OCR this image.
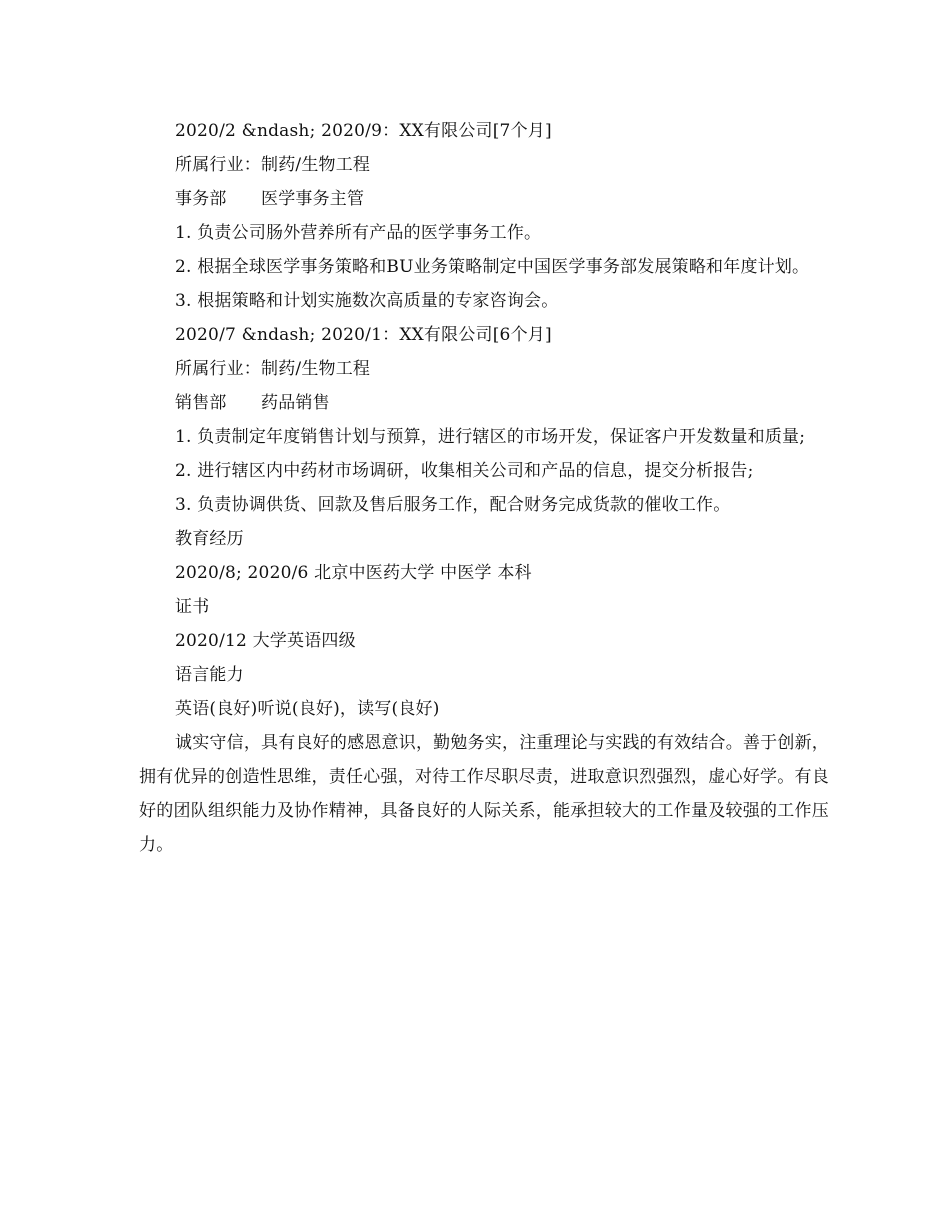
2020/2 &ndash; 2020/9：XX有限公司[7个月]

所属行业：制药/生物工程

事务部　　医学事务主管

1. 负责公司肠外营养所有产品的医学事务工作。

2. 根据全球医学事务策略和BU业务策略制定中国医学事务部发展策略和年度计划。

3. 根据策略和计划实施数次高质量的专家咨询会。

2020/7 &ndash; 2020/1：XX有限公司[6个月]

所属行业：制药/生物工程

销售部　　药品销售

1. 负责制定年度销售计划与预算，进行辖区的市场开发，保证客户开发数量和质量;

2. 进行辖区内中药材市场调研，收集相关公司和产品的信息，提交分析报告;

3. 负责协调供货、回款及售后服务工作，配合财务完成货款的催收工作。

教育经历

2020/8; 2020/6 北京中医药大学 中医学 本科

证书

2020/12 大学英语四级

语言能力

英语(良好)听说(良好)，读写(良好)

诚实守信，具有良好的感恩意识，勤勉务实，注重理论与实践的有效结合。善于创新，拥有优异的创造性思维，责任心强，对待工作尽职尽责，进取意识烈强烈，虚心好学。有良好的团队组织能力及协作精神，具备良好的人际关系，能承担较大的工作量及较强的工作压力。
